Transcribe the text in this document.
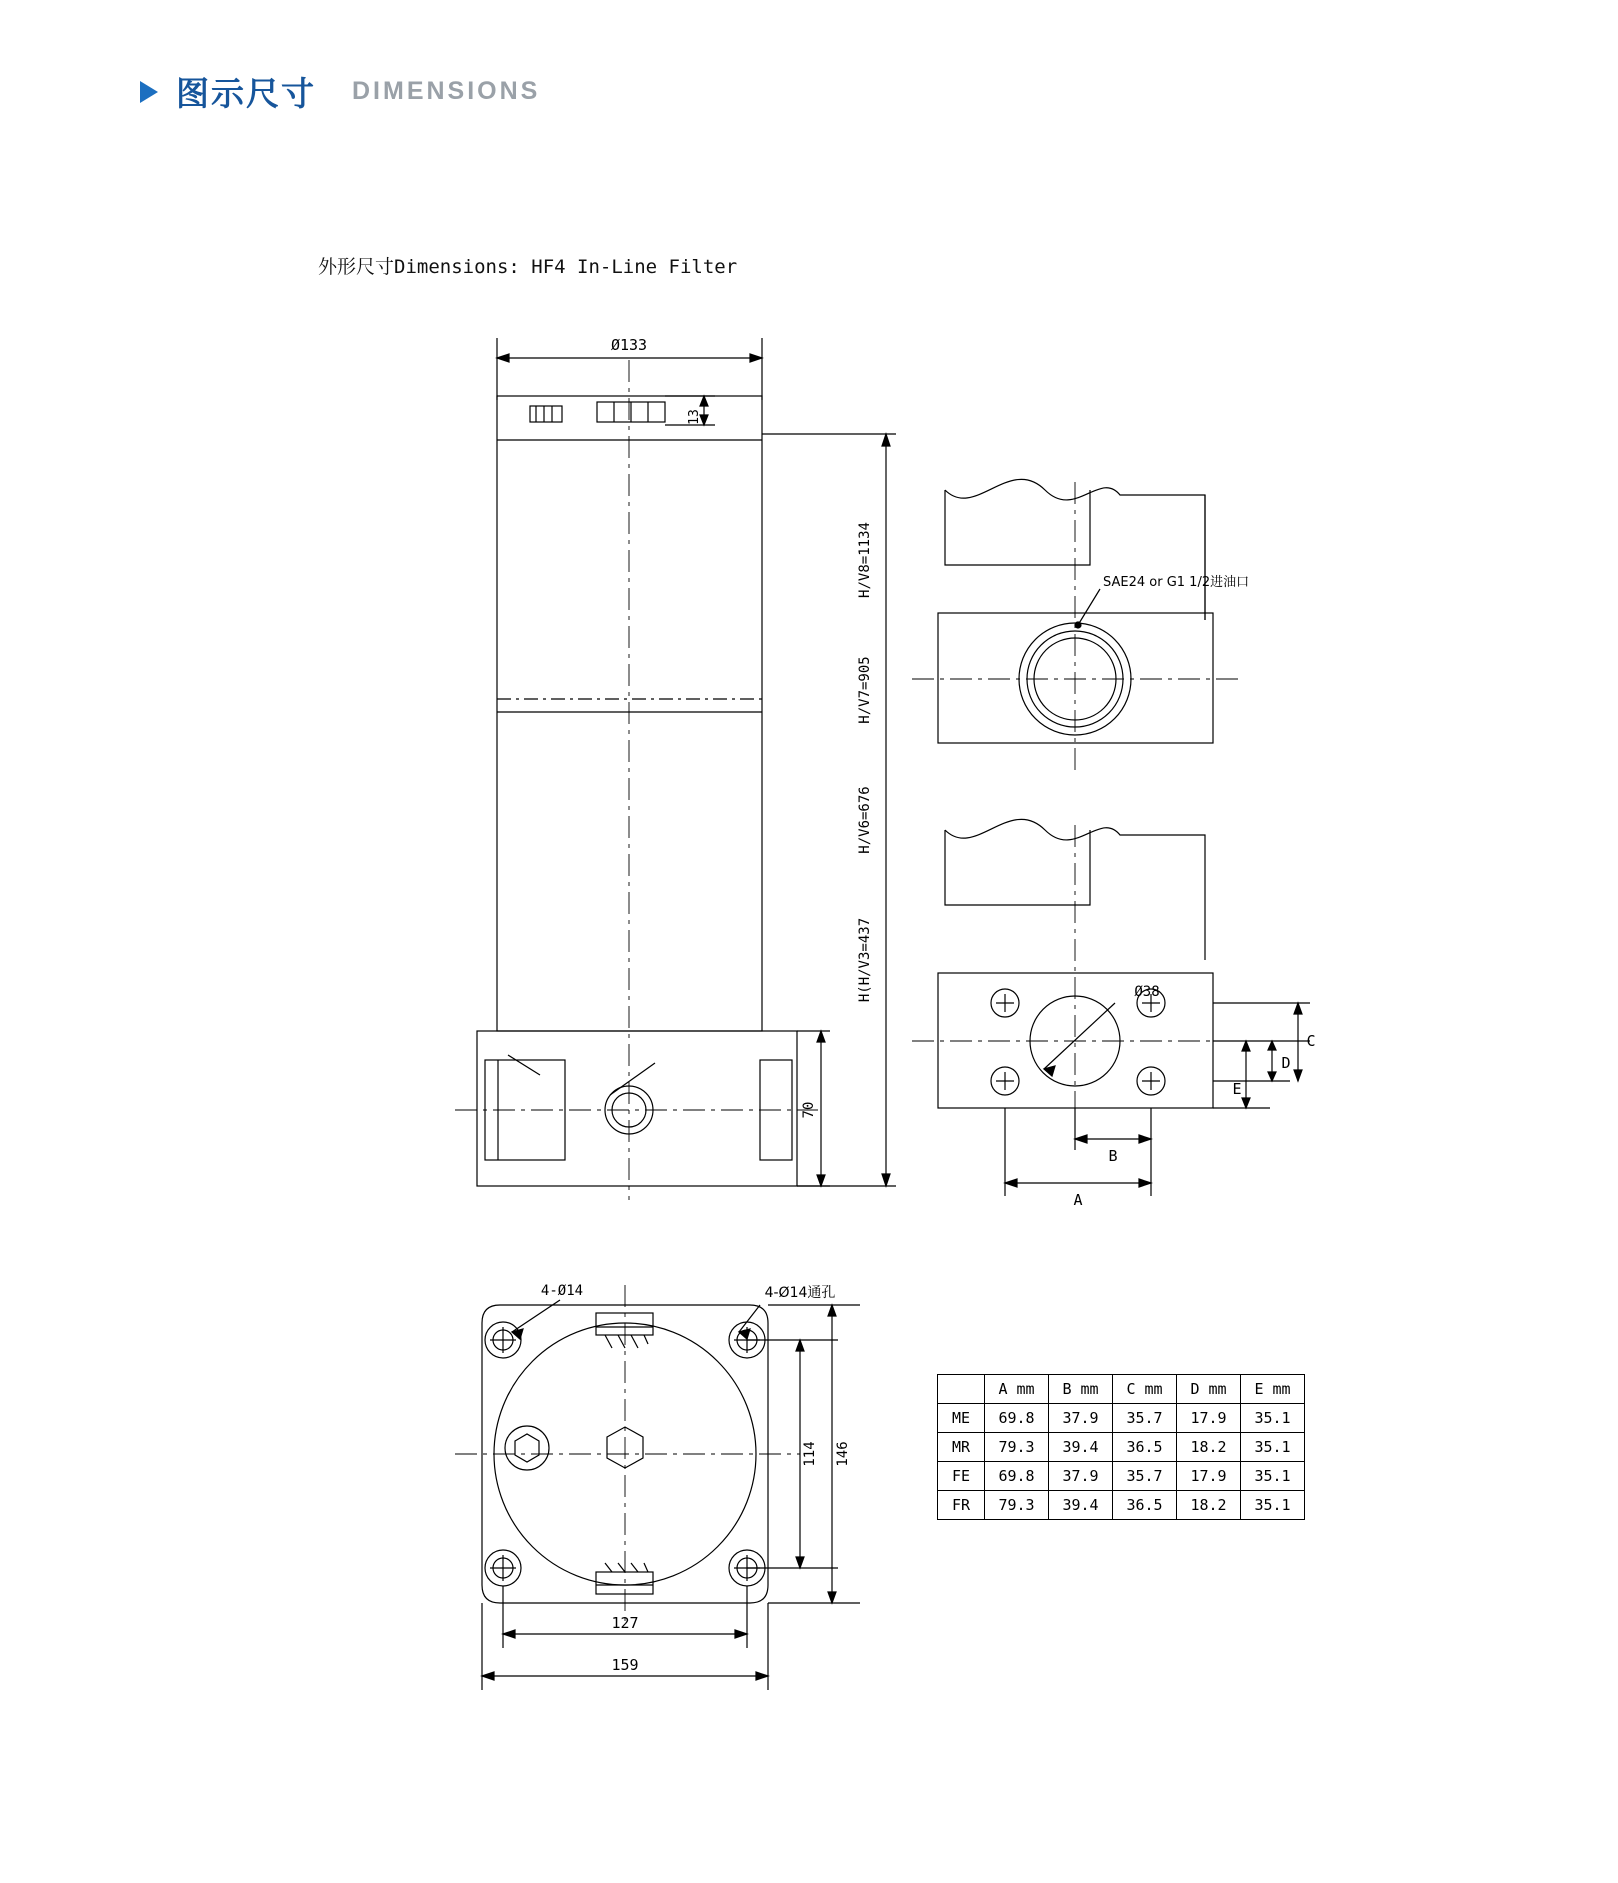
图示尺寸 DIMENSIONS
外形尺寸Dimensions: HF4 In-Line Filter
Ø133
13
H(H/V3=437
H/V6=676
H/V7=905
H/V8=1134
70
SAE24 or G1 1/2进油口
Ø38
A
B
C
D
E
4-Ø14	4-Ø14通孔
114 146
127
159
	A mm	B mm	C mm	D mm	E mm
ME	69.8	37.9	35.7	17.9	35.1
MR	79.3	39.4	36.5	18.2	35.1
FE	69.8	37.9	35.7	17.9	35.1
FR	79.3	39.4	36.5	18.2	35.1
